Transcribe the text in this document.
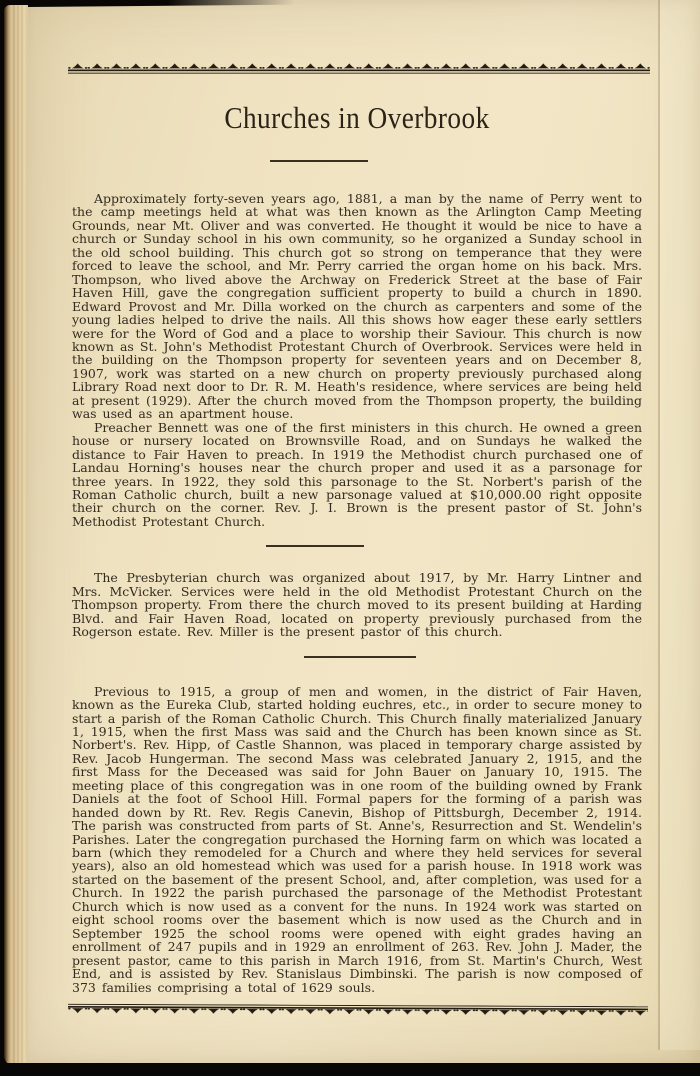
Churches in Overbrook

Approximately forty-seven years ago, 1881, a man by the name of Perry went to the camp meetings held at what was then known as the Arlington Camp Meeting Grounds, near Mt. Oliver and was converted. He thought it would be nice to have a church or Sunday school in his own community, so he organized a Sunday school in the old school building. This church got so strong on temperance that they were forced to leave the school, and Mr. Perry carried the organ home on his back. Mrs. Thompson, who lived above the Archway on Frederick Street at the base of Fair Haven Hill, gave the congregation sufficient property to build a church in 1890. Edward Provost and Mr. Dilla worked on the church as carpenters and some of the young ladies helped to drive the nails. All this shows how eager these early settlers were for the Word of God and a place to worship their Saviour. This church is now known as St. John's Methodist Protestant Church of Overbrook. Services were held in the building on the Thompson property for seventeen years and on December 8, 1907, work was started on a new church on property previously purchased along Library Road next door to Dr. R. M. Heath's residence, where services are being held at present (1929). After the church moved from the Thompson property, the building was used as an apartment house.

Preacher Bennett was one of the first ministers in this church. He owned a green house or nursery located on Brownsville Road, and on Sundays he walked the distance to Fair Haven to preach. In 1919 the Methodist church purchased one of Landau Horning's houses near the church proper and used it as a parsonage for three years. In 1922, they sold this parsonage to the St. Norbert's parish of the Roman Catholic church, built a new parsonage valued at $10,000.00 right opposite their church on the corner. Rev. J. I. Brown is the present pastor of St. John's Methodist Protestant Church.

The Presbyterian church was organized about 1917, by Mr. Harry Lintner and Mrs. McVicker. Services were held in the old Methodist Protestant Church on the Thompson property. From there the church moved to its present building at Harding Blvd. and Fair Haven Road, located on property previously purchased from the Rogerson estate. Rev. Miller is the present pastor of this church.

Previous to 1915, a group of men and women, in the district of Fair Haven, known as the Eureka Club, started holding euchres, etc., in order to secure money to start a parish of the Roman Catholic Church. This Church finally materialized January 1, 1915, when the first Mass was said and the Church has been known since as St. Norbert's. Rev. Hipp, of Castle Shannon, was placed in temporary charge assisted by Rev. Jacob Hungerman. The second Mass was celebrated January 2, 1915, and the first Mass for the Deceased was said for John Bauer on January 10, 1915. The meeting place of this congregation was in one room of the building owned by Frank Daniels at the foot of School Hill. Formal papers for the forming of a parish was handed down by Rt. Rev. Regis Canevin, Bishop of Pittsburgh, December 2, 1914. The parish was constructed from parts of St. Anne's, Resurrection and St. Wendelin's Parishes. Later the congregation purchased the Horning farm on which was located a barn (which they remodeled for a Church and where they held services for several years), also an old homestead which was used for a parish house. In 1918 work was started on the basement of the present School, and, after completion, was used for a Church. In 1922 the parish purchased the parsonage of the Methodist Protestant Church which is now used as a convent for the nuns. In 1924 work was started on eight school rooms over the basement which is now used as the Church and in September 1925 the school rooms were opened with eight grades having an enrollment of 247 pupils and in 1929 an enrollment of 263. Rev. John J. Mader, the present pastor, came to this parish in March 1916, from St. Martin's Church, West End, and is assisted by Rev. Stanislaus Dimbinski. The parish is now composed of 373 families comprising a total of 1629 souls.
